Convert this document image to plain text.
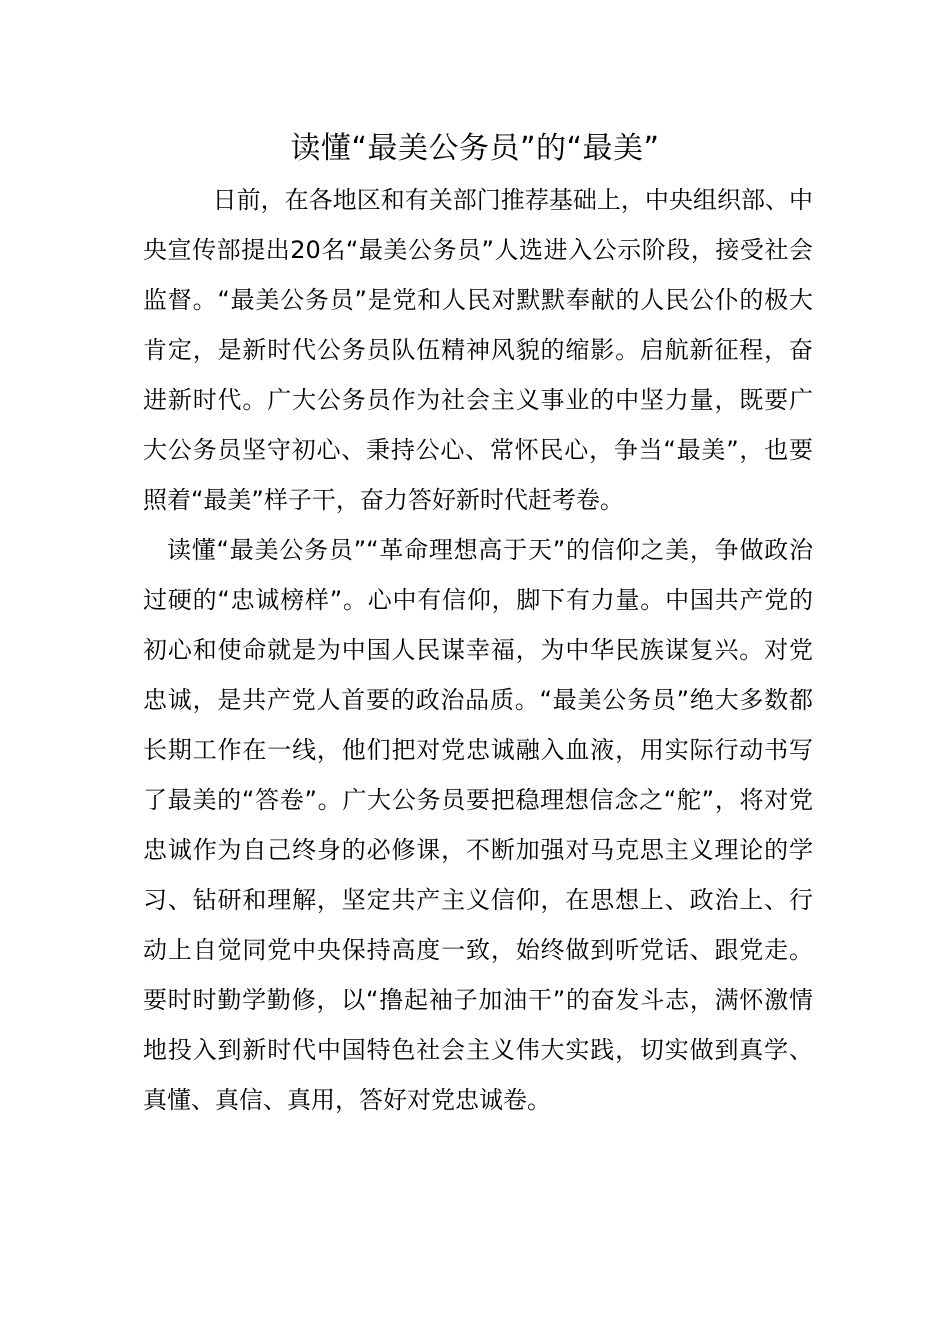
读懂“最美公务员”的“最美”

日前，在各地区和有关部门推荐基础上，中央组织部、中央宣传部提出20名“最美公务员”人选进入公示阶段，接受社会监督。“最美公务员”是党和人民对默默奉献的人民公仆的极大肯定，是新时代公务员队伍精神风貌的缩影。启航新征程，奋进新时代。广大公务员作为社会主义事业的中坚力量，既要广大公务员坚守初心、秉持公心、常怀民心，争当“最美”，也要照着“最美”样子干，奋力答好新时代赶考卷。

读懂“最美公务员”“革命理想高于天”的信仰之美，争做政治过硬的“忠诚榜样”。心中有信仰，脚下有力量。中国共产党的初心和使命就是为中国人民谋幸福，为中华民族谋复兴。对党忠诚，是共产党人首要的政治品质。“最美公务员”绝大多数都长期工作在一线，他们把对党忠诚融入血液，用实际行动书写了最美的“答卷”。广大公务员要把稳理想信念之“舵”，将对党忠诚作为自己终身的必修课，不断加强对马克思主义理论的学习、钻研和理解，坚定共产主义信仰，在思想上、政治上、行动上自觉同党中央保持高度一致，始终做到听党话、跟党走。要时时勤学勤修，以“撸起袖子加油干”的奋发斗志，满怀激情地投入到新时代中国特色社会主义伟大实践，切实做到真学、真懂、真信、真用，答好对党忠诚卷。
